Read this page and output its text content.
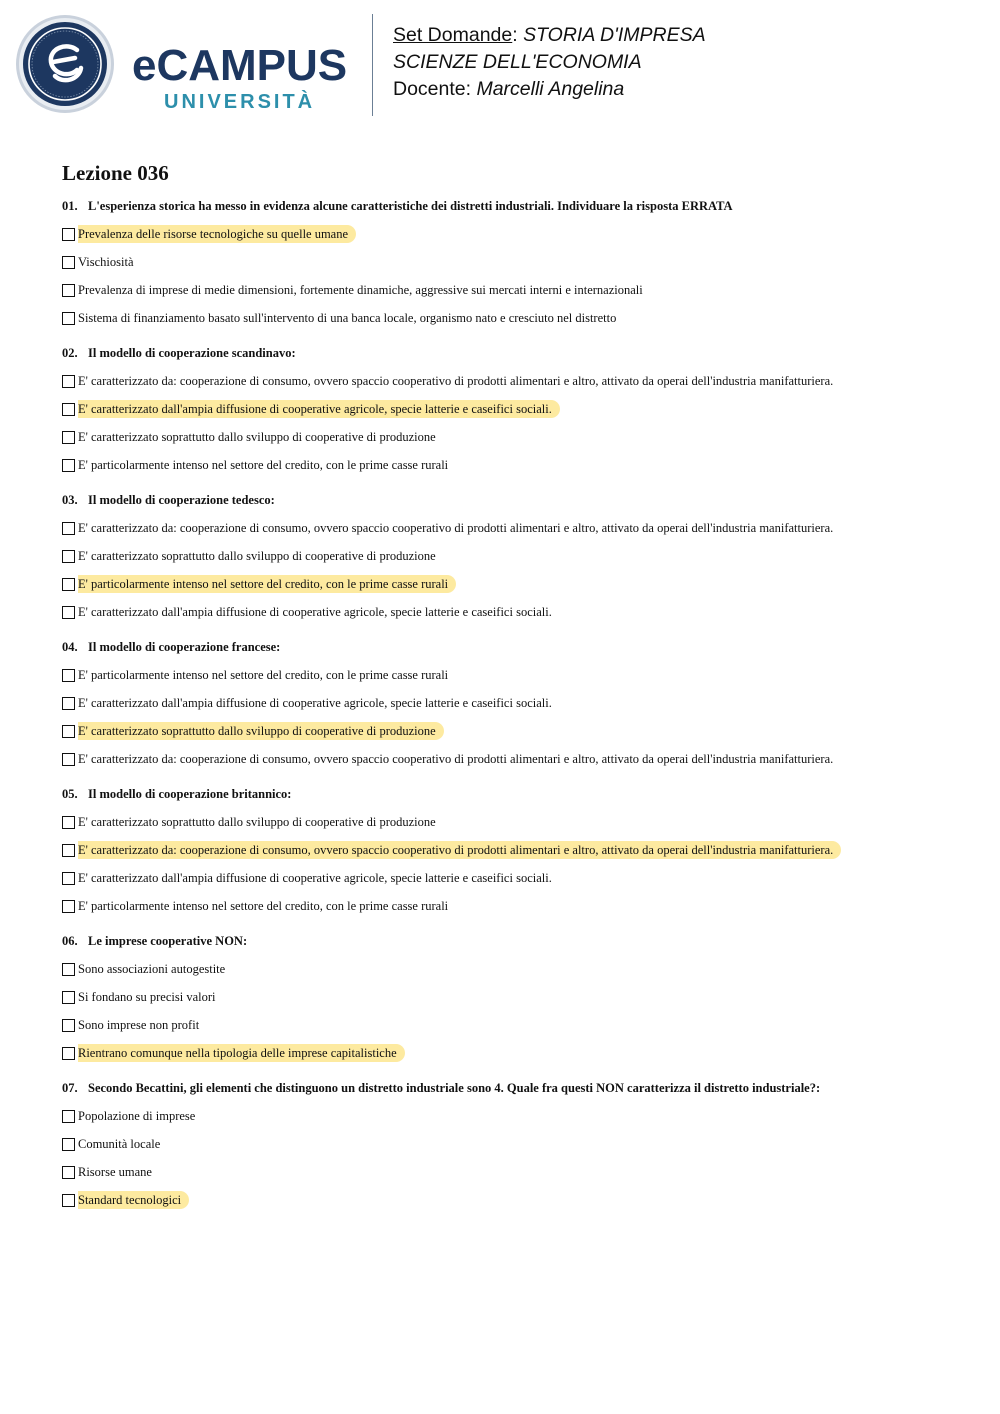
eCAMPUS
UNIVERSITÀ
Set Domande: STORIA D'IMPRESA
SCIENZE DELL'ECONOMIA
Docente: Marcelli Angelina
Lezione 036
01. L'esperienza storica ha messo in evidenza alcune caratteristiche dei distretti industriali. Individuare la risposta ERRATA
Prevalenza delle risorse tecnologiche su quelle umane
Vischiosità
Prevalenza di imprese di medie dimensioni, fortemente dinamiche, aggressive sui mercati interni e internazionali
Sistema di finanziamento basato sull'intervento di una banca locale, organismo nato e cresciuto nel distretto
02. Il modello di cooperazione scandinavo:
E' caratterizzato da: cooperazione di consumo, ovvero spaccio cooperativo di prodotti alimentari e altro, attivato da operai dell'industria manifatturiera.
E' caratterizzato dall'ampia diffusione di cooperative agricole, specie latterie e caseifici sociali.
E' caratterizzato soprattutto dallo sviluppo di cooperative di produzione
E' particolarmente intenso nel settore del credito, con le prime casse rurali
03. Il modello di cooperazione tedesco:
E' caratterizzato da: cooperazione di consumo, ovvero spaccio cooperativo di prodotti alimentari e altro, attivato da operai dell'industria manifatturiera.
E' caratterizzato soprattutto dallo sviluppo di cooperative di produzione
E' particolarmente intenso nel settore del credito, con le prime casse rurali
E' caratterizzato dall'ampia diffusione di cooperative agricole, specie latterie e caseifici sociali.
04. Il modello di cooperazione francese:
E' particolarmente intenso nel settore del credito, con le prime casse rurali
E' caratterizzato dall'ampia diffusione di cooperative agricole, specie latterie e caseifici sociali.
E' caratterizzato soprattutto dallo sviluppo di cooperative di produzione
E' caratterizzato da: cooperazione di consumo, ovvero spaccio cooperativo di prodotti alimentari e altro, attivato da operai dell'industria manifatturiera.
05. Il modello di cooperazione britannico:
E' caratterizzato soprattutto dallo sviluppo di cooperative di produzione
E' caratterizzato da: cooperazione di consumo, ovvero spaccio cooperativo di prodotti alimentari e altro, attivato da operai dell'industria manifatturiera.
E' caratterizzato dall'ampia diffusione di cooperative agricole, specie latterie e caseifici sociali.
E' particolarmente intenso nel settore del credito, con le prime casse rurali
06. Le imprese cooperative NON:
Sono associazioni autogestite
Si fondano su precisi valori
Sono imprese non profit
Rientrano comunque nella tipologia delle imprese capitalistiche
07. Secondo Becattini, gli elementi che distinguono un distretto industriale sono 4. Quale fra questi NON caratterizza il distretto industriale?:
Popolazione di imprese
Comunità locale
Risorse umane
Standard tecnologici
